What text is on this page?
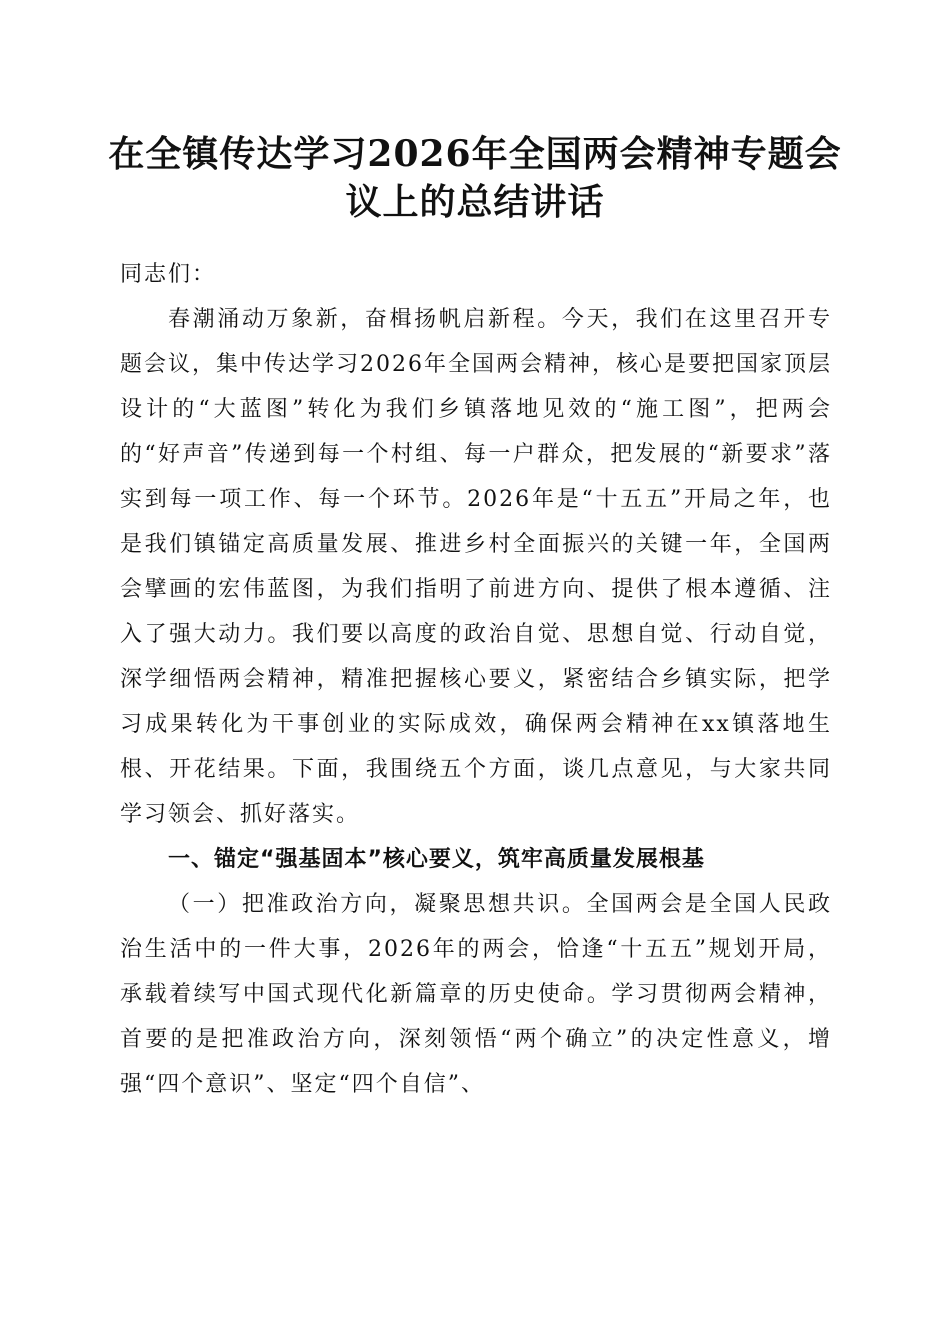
在全镇传达学习2026年全国两会精神专题会议上的总结讲话

同志们：

春潮涌动万象新，奋楫扬帆启新程。今天，我们在这里召开专题会议，集中传达学习2026年全国两会精神，核心是要把国家顶层设计的“大蓝图”转化为我们乡镇落地见效的“施工图”，把两会的“好声音”传递到每一个村组、每一户群众，把发展的“新要求”落实到每一项工作、每一个环节。2026年是“十五五”开局之年，也是我们镇锚定高质量发展、推进乡村全面振兴的关键一年，全国两会擘画的宏伟蓝图，为我们指明了前进方向、提供了根本遵循、注入了强大动力。我们要以高度的政治自觉、思想自觉、行动自觉，深学细悟两会精神，精准把握核心要义，紧密结合乡镇实际，把学习成果转化为干事创业的实际成效，确保两会精神在xx镇落地生根、开花结果。下面，我围绕五个方面，谈几点意见，与大家共同学习领会、抓好落实。

一、锚定“强基固本”核心要义，筑牢高质量发展根基

（一）把准政治方向，凝聚思想共识。全国两会是全国人民政治生活中的一件大事，2026年的两会，恰逢“十五五”规划开局，承载着续写中国式现代化新篇章的历史使命。学习贯彻两会精神，首要的是把准政治方向，深刻领悟“两个确立”的决定性意义，增强“四个意识”、坚定“四个自信”、
